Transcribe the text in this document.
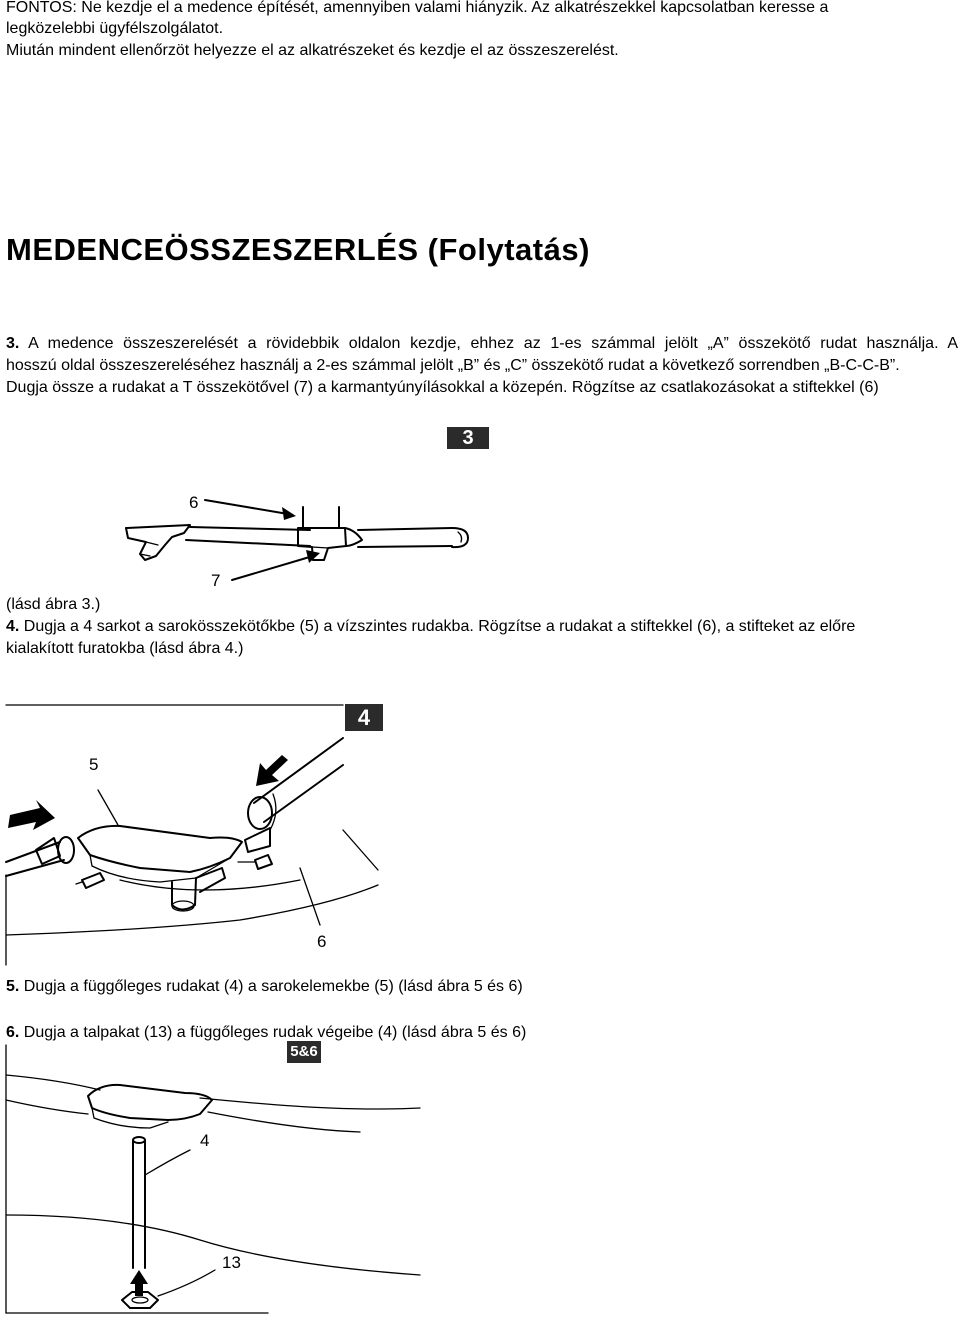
FONTOS: Ne kezdje el a medence építését, amennyiben valami hiányzik. Az alkatrészekkel kapcsolatban keresse a
legközelebbi ügyfélszolgálatot.
Miután mindent ellenőrzöt helyezze el az alkatrészeket és kezdje el az összeszerelést.
MEDENCEÖSSZESZERLÉS (Folytatás)
3. A medence összeszerelését a rövidebbik oldalon kezdje, ehhez az 1-es számmal jelölt „A” összekötő rudat használja. A
hosszú oldal összeszereléséhez használj a 2-es számmal jelölt „B” és „C” összekötő rudat a következő sorrendben „B-C-C-B”.
Dugja össze a rudakat a T összekötővel (7) a karmantyúnyílásokkal a közepén. Rögzítse az csatlakozásokat a stiftekkel (6)
3
6
7
(lásd ábra 3.)
4. Dugja a 4 sarkot a sarokösszekötőkbe (5) a vízszintes rudakba. Rögzítse a rudakat a stiftekkel (6), a stifteket az előre
kialakított furatokba (lásd ábra 4.)
4
5
6
5. Dugja a függőleges rudakat (4) a sarokelemekbe (5) (lásd ábra 5 és 6)
6. Dugja a talpakat (13) a függőleges rudak végeibe (4) (lásd ábra 5 és 6)
5&6
4
13
